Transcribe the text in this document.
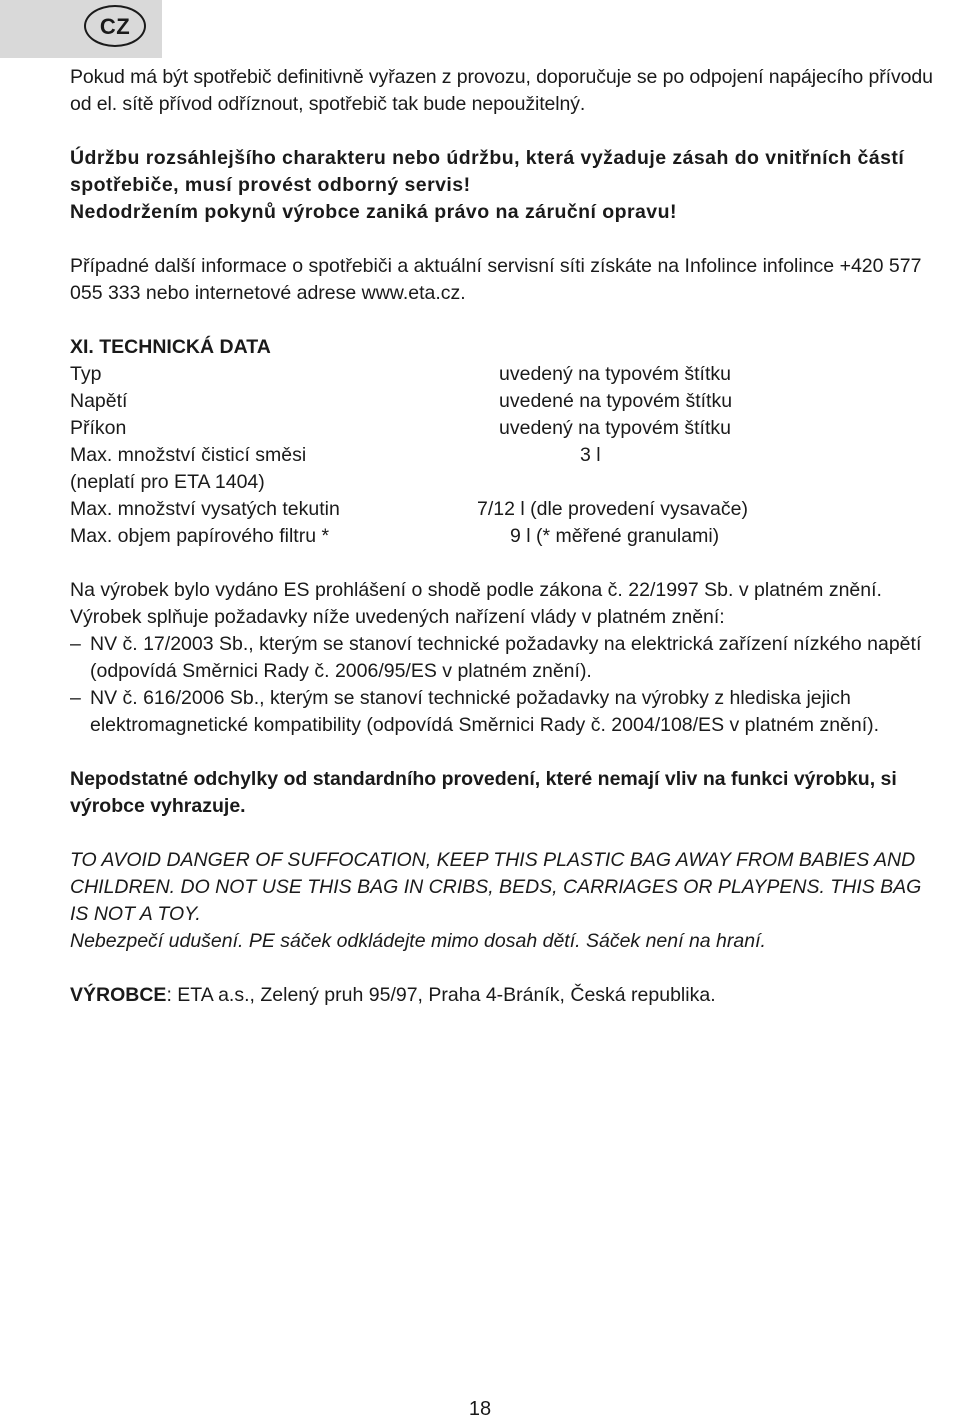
CZ

Pokud má být spotřebič definitivně vyřazen z provozu, doporučuje se po odpojení napájecího přívodu od el. sítě přívod odříznout, spotřebič tak bude nepoužitelný.

Údržbu rozsáhlejšího charakteru nebo údržbu, která vyžaduje zásah do vnitřních částí spotřebiče, musí provést odborný servis!

Nedodržením pokynů výrobce zaniká právo na záruční opravu!

Případné další informace o spotřebiči a aktuální servisní síti získáte na Infolince infolince +420 577 055 333 nebo internetové adrese www.eta.cz.

XI. TECHNICKÁ DATA

Typ	uvedený na typovém štítku
Napětí	uvedené na typovém štítku
Příkon	uvedený na typovém štítku
Max. množství čisticí směsi	3 l
(neplatí pro ETA 1404)
Max. množství vysatých tekutin	7/12 l (dle provedení vysavače)
Max. objem papírového filtru *	9 l (* měřené granulami)

Na výrobek bylo vydáno ES prohlášení o shodě podle zákona č. 22/1997 Sb. v platném znění. Výrobek splňuje požadavky níže uvedených nařízení vlády v platném znění:

– NV č. 17/2003 Sb., kterým se stanoví technické požadavky na elektrická zařízení nízkého napětí (odpovídá Směrnici Rady č. 2006/95/ES v platném znění).
– NV č. 616/2006 Sb., kterým se stanoví technické požadavky na výrobky z hlediska jejich elektromagnetické kompatibility (odpovídá Směrnici Rady č. 2004/108/ES v platném znění).

Nepodstatné odchylky od standardního provedení, které nemají vliv na funkci výrobku, si výrobce vyhrazuje.

TO AVOID DANGER OF SUFFOCATION, KEEP THIS PLASTIC BAG AWAY FROM BABIES AND CHILDREN. DO NOT USE THIS BAG IN CRIBS, BEDS, CARRIAGES OR PLAYPENS. THIS BAG IS NOT A TOY.

Nebezpečí udušení. PE sáček odkládejte mimo dosah dětí. Sáček není na hraní.

VÝROBCE: ETA a.s., Zelený pruh 95/97, Praha 4-Bráník, Česká republika.

18
